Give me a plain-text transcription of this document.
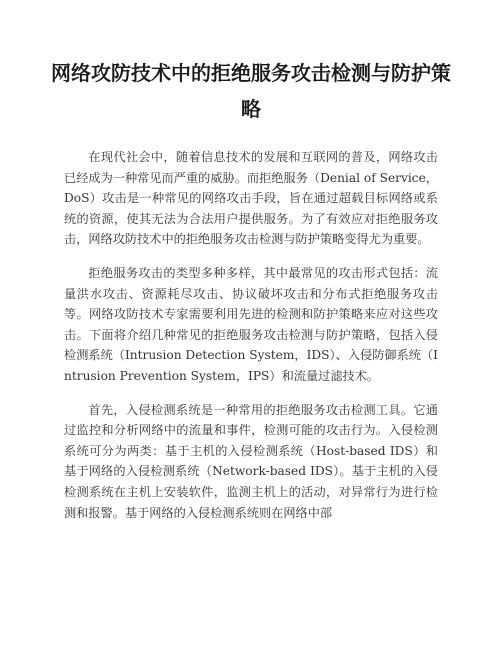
网络攻防技术中的拒绝服务攻击检测与防护策略

在现代社会中，随着信息技术的发展和互联网的普及，网络攻击已经成为一种常见而严重的威胁。而拒绝服务（Denial of Service，DoS）攻击是一种常见的网络攻击手段，旨在通过超载目标网络或系统的资源，使其无法为合法用户提供服务。为了有效应对拒绝服务攻击，网络攻防技术中的拒绝服务攻击检测与防护策略变得尤为重要。

拒绝服务攻击的类型多种多样，其中最常见的攻击形式包括：流量洪水攻击、资源耗尽攻击、协议破坏攻击和分布式拒绝服务攻击等。网络攻防技术专家需要利用先进的检测和防护策略来应对这些攻击。下面将介绍几种常见的拒绝服务攻击检测与防护策略，包括入侵检测系统（Intrusion Detection System，IDS）、入侵防御系统（Intrusion Prevention System，IPS）和流量过滤技术。

首先，入侵检测系统是一种常用的拒绝服务攻击检测工具。它通过监控和分析网络中的流量和事件，检测可能的攻击行为。入侵检测系统可分为两类：基于主机的入侵检测系统（Host-based IDS）和基于网络的入侵检测系统（Network-based IDS）。基于主机的入侵检测系统在主机上安装软件，监测主机上的活动，对异常行为进行检测和报警。基于网络的入侵检测系统则在网络中部
